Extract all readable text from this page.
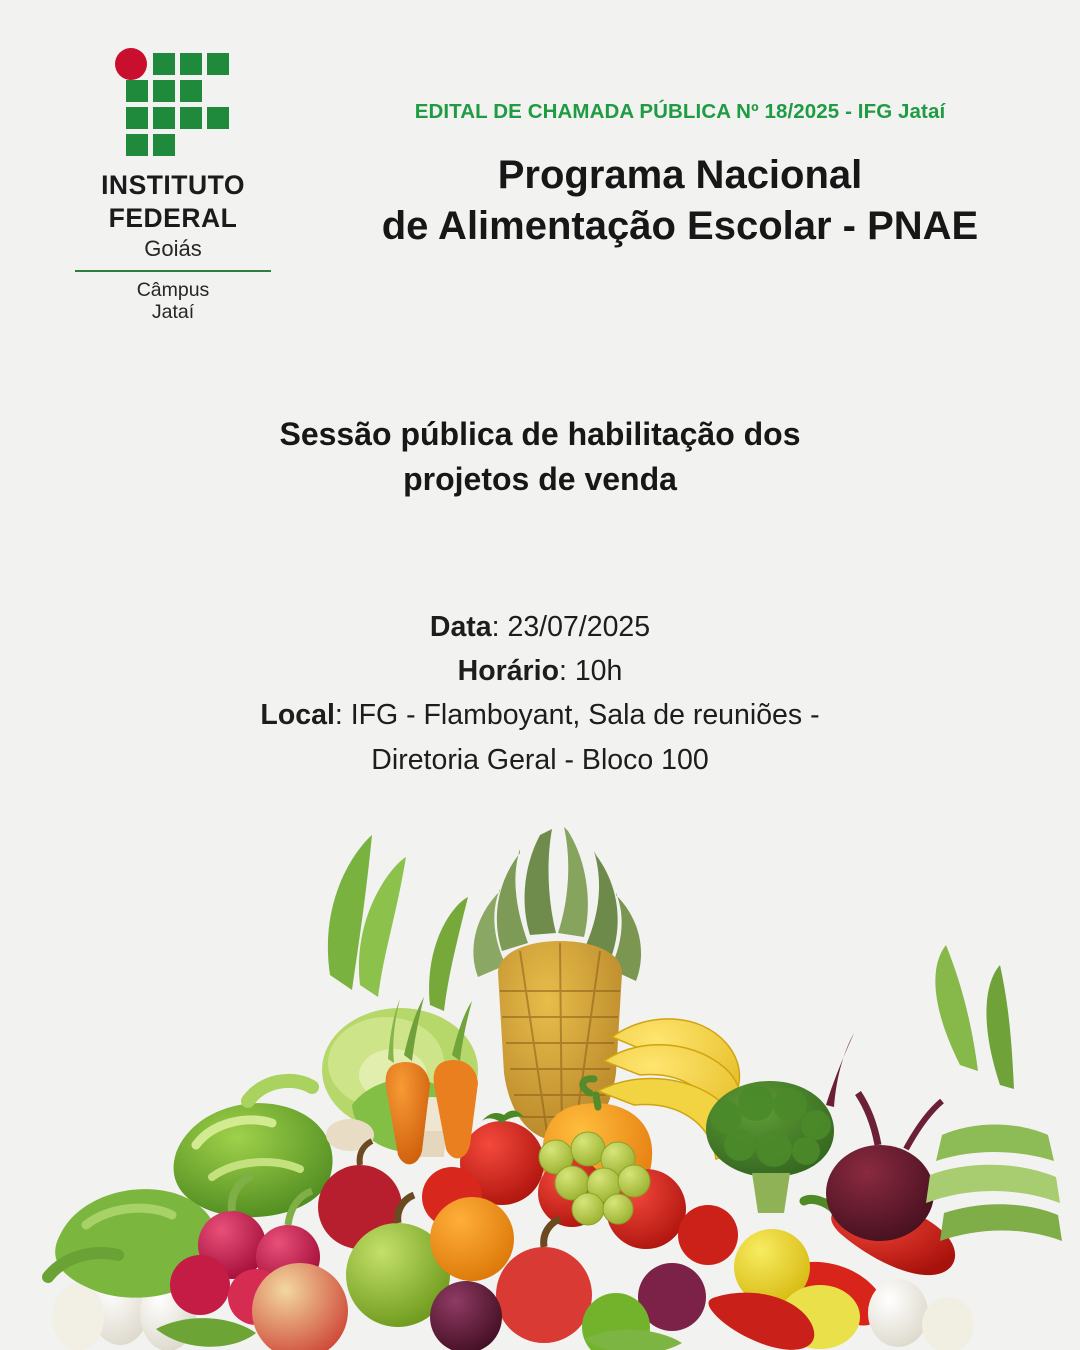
INSTITUTO
FEDERAL
Goiás
Câmpus
Jataí
EDITAL DE CHAMADA PÚBLICA Nº 18/2025 - IFG Jataí
Programa Nacional
de Alimentação Escolar - PNAE
Sessão pública de habilitação dos
projetos de venda
Data: 23/07/2025
Horário: 10h
Local: IFG - Flamboyant, Sala de reuniões -
Diretoria Geral - Bloco 100
